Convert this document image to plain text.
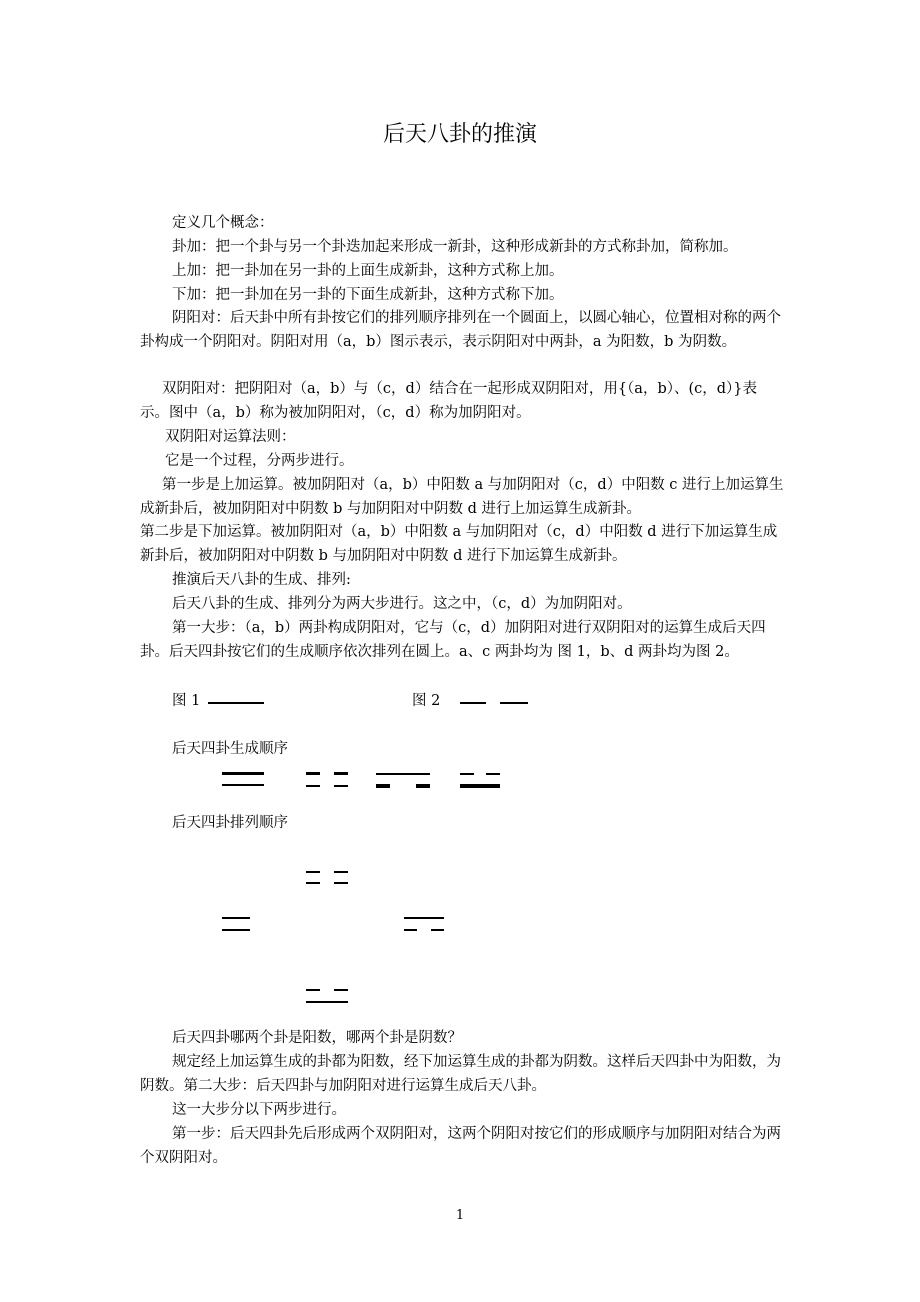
后天八卦的推演
定义几个概念：
卦加：把一个卦与另一个卦迭加起来形成一新卦，这种形成新卦的方式称卦加，简称加。
上加：把一卦加在另一卦的上面生成新卦，这种方式称上加。
下加：把一卦加在另一卦的下面生成新卦，这种方式称下加。
阴阳对：后天卦中所有卦按它们的排列顺序排列在一个圆面上，以圆心轴心，位置相对称的两个卦构成一个阴阳对。阴阳对用（a，b）图示表示，表示阴阳对中两卦，a 为阳数，b 为阴数。
双阴阳对：把阴阳对（a，b）与（c，d）结合在一起形成双阴阳对，用{（a，b）、(c，d）}表示。图中（a，b）称为被加阴阳对，（c，d）称为加阴阳对。
双阴阳对运算法则：
它是一个过程，分两步进行。
第一步是上加运算。被加阴阳对（a，b）中阳数 a 与加阴阳对（c，d）中阳数 c 进行上加运算生成新卦后，被加阴阳对中阴数 b 与加阴阳对中阴数 d 进行上加运算生成新卦。
第二步是下加运算。被加阴阳对（a，b）中阳数 a 与加阴阳对（c，d）中阳数 d 进行下加运算生成新卦后，被加阴阳对中阴数 b 与加阴阳对中阴数 d 进行下加运算生成新卦。
推演后天八卦的生成、排列:
后天八卦的生成、排列分为两大步进行。这之中，（c，d）为加阴阳对。
第一大步：（a，b）两卦构成阴阳对，它与（c，d）加阴阳对进行双阴阳对的运算生成后天四卦。后天四卦按它们的生成顺序依次排列在圆上。a、c 两卦均为 图 1，b、d 两卦均为图 2。
图 1	图 2
后天四卦生成顺序
后天四卦排列顺序
后天四卦哪两个卦是阳数，哪两个卦是阴数？
规定经上加运算生成的卦都为阳数，经下加运算生成的卦都为阴数。这样后天四卦中为阳数，为阴数。第二大步：后天四卦与加阴阳对进行运算生成后天八卦。
这一大步分以下两步进行。
第一步：后天四卦先后形成两个双阴阳对，这两个阴阳对按它们的形成顺序与加阴阳对结合为两个双阴阳对。
1
